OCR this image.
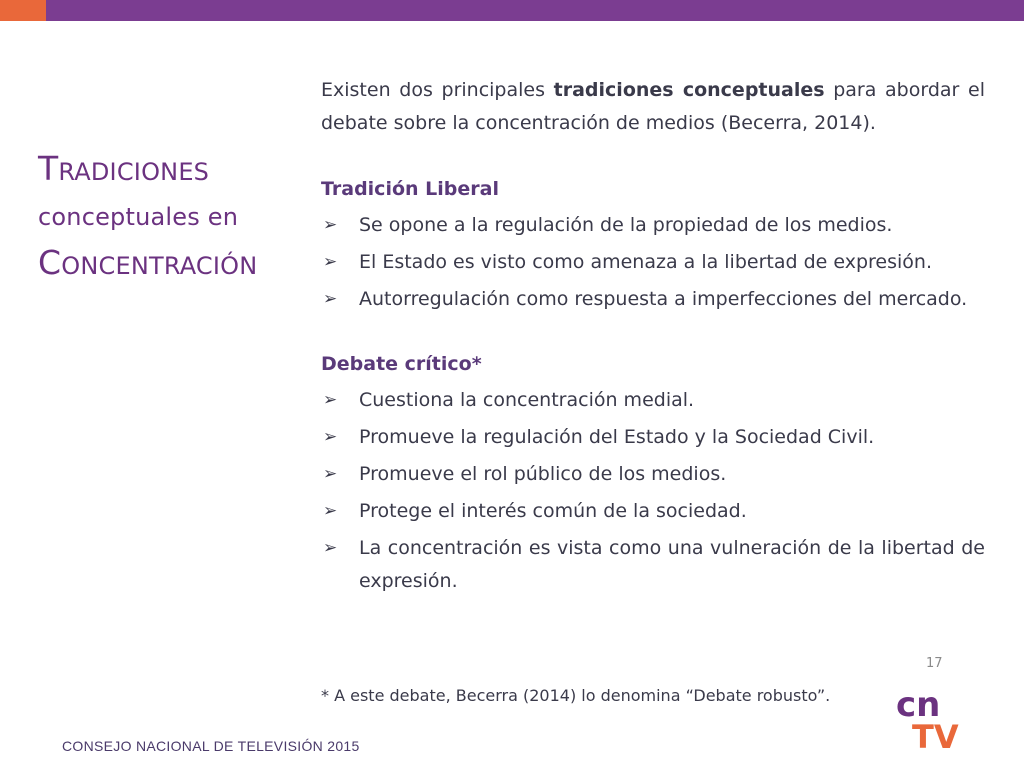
TRADICIONES
conceptuales en
CONCENTRACIÓN

Existen dos principales tradiciones conceptuales para abordar el debate sobre la concentración de medios (Becerra, 2014).

Tradición Liberal

➢	Se opone a la regulación de la propiedad de los medios.
➢	El Estado es visto como amenaza a la libertad de expresión.
➢	Autorregulación como respuesta a imperfecciones del mercado.

Debate crítico*

➢	Cuestiona la concentración medial.
➢	Promueve la regulación del Estado y la Sociedad Civil.
➢	Promueve el rol público de los medios.
➢	Protege el interés común de la sociedad.
➢	La concentración es vista como una vulneración de la libertad de expresión.
17
* A este debate, Becerra (2014) lo denomina “Debate robusto”.
CONSEJO NACIONAL DE TELEVISIÓN 2015
cn
TV
